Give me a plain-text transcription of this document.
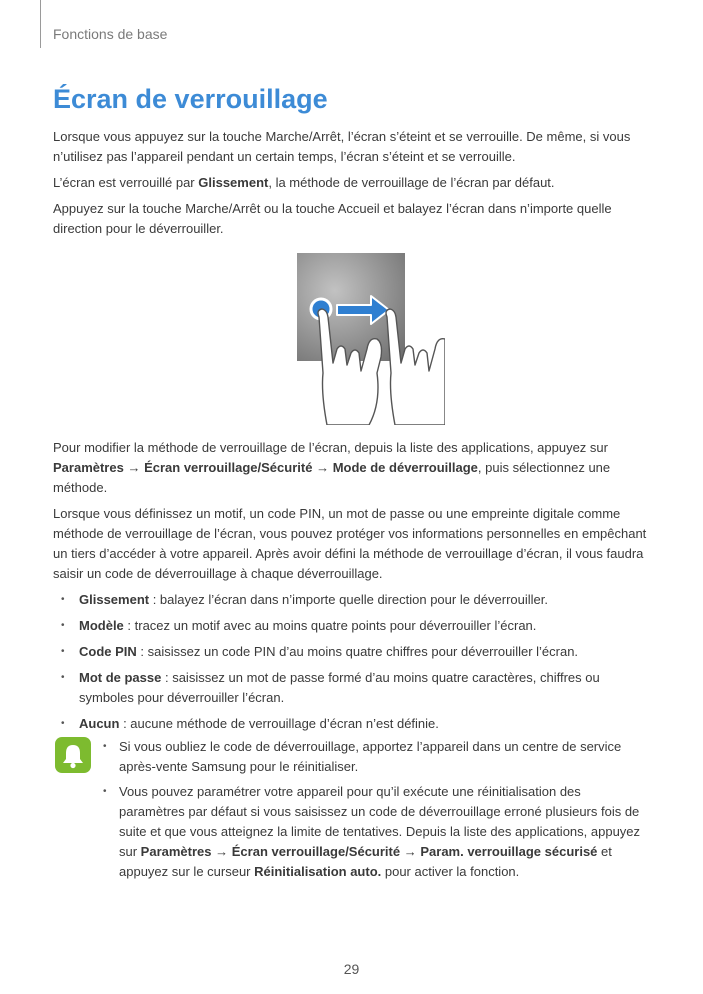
Fonctions de base
Écran de verrouillage

Lorsque vous appuyez sur la touche Marche/Arrêt, l’écran s’éteint et se verrouille. De même, si vous n’utilisez pas l’appareil pendant un certain temps, l’écran s’éteint et se verrouille.

L’écran est verrouillé par Glissement, la méthode de verrouillage de l’écran par défaut.

Appuyez sur la touche Marche/Arrêt ou la touche Accueil et balayez l’écran dans n’importe quelle direction pour le déverrouiller.

Pour modifier la méthode de verrouillage de l’écran, depuis la liste des applications, appuyez sur Paramètres → Écran verrouillage/Sécurité → Mode de déverrouillage, puis sélectionnez une méthode.

Lorsque vous définissez un motif, un code PIN, un mot de passe ou une empreinte digitale comme méthode de verrouillage de l’écran, vous pouvez protéger vos informations personnelles en empêchant un tiers d’accéder à votre appareil. Après avoir défini la méthode de verrouillage d’écran, il vous faudra saisir un code de déverrouillage à chaque déverrouillage.

• Glissement : balayez l’écran dans n’importe quelle direction pour le déverrouiller.
• Modèle : tracez un motif avec au moins quatre points pour déverrouiller l’écran.
• Code PIN : saisissez un code PIN d’au moins quatre chiffres pour déverrouiller l’écran.
• Mot de passe : saisissez un mot de passe formé d’au moins quatre caractères, chiffres ou symboles pour déverrouiller l’écran.
• Aucun : aucune méthode de verrouillage d’écran n’est définie.
• Si vous oubliez le code de déverrouillage, apportez l’appareil dans un centre de service après-vente Samsung pour le réinitialiser.
• Vous pouvez paramétrer votre appareil pour qu’il exécute une réinitialisation des paramètres par défaut si vous saisissez un code de déverrouillage erroné plusieurs fois de suite et que vous atteignez la limite de tentatives. Depuis la liste des applications, appuyez sur Paramètres → Écran verrouillage/Sécurité → Param. verrouillage sécurisé et appuyez sur le curseur Réinitialisation auto. pour activer la fonction.
29
